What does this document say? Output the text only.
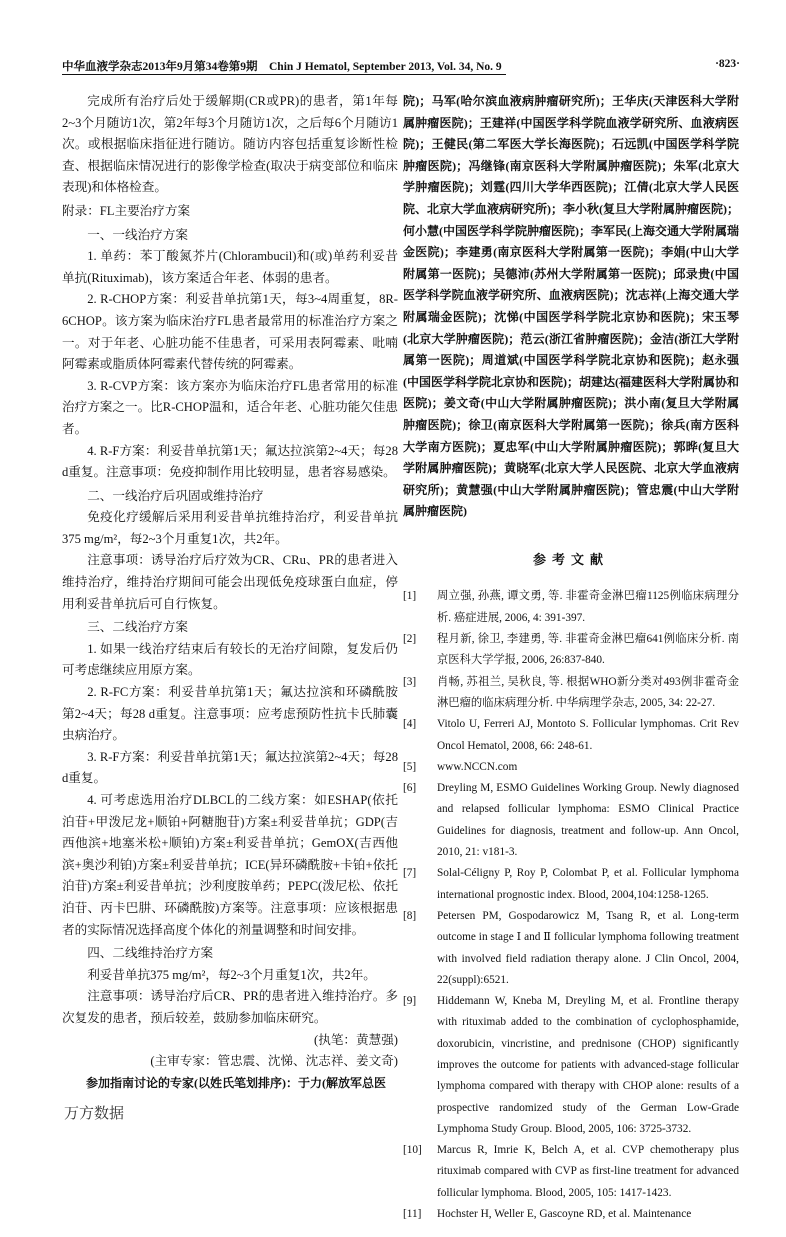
中华血液学杂志2013年9月第34卷第9期　Chin J Hematol, September 2013, Vol. 34, No. 9	·823·

完成所有治疗后处于缓解期(CR或PR)的患者，第1年每2~3个月随访1次，第2年每3个月随访1次，之后每6个月随访1次。或根据临床指征进行随访。随访内容包括重复诊断性检查、根据临床情况进行的影像学检查(取决于病变部位和临床表现)和体格检查。

附录：FL主要治疗方案

一、一线治疗方案

1. 单药：苯丁酸氮芥片(Chlorambucil)和(或)单药利妥昔单抗(Rituximab)，该方案适合年老、体弱的患者。

2. R-CHOP方案：利妥昔单抗第1天，每3~4周重复，8R-6CHOP。该方案为临床治疗FL患者最常用的标准治疗方案之一。对于年老、心脏功能不佳患者，可采用表阿霉素、吡喃阿霉素或脂质体阿霉素代替传统的阿霉素。

3. R-CVP方案：该方案亦为临床治疗FL患者常用的标准治疗方案之一。比R-CHOP温和，适合年老、心脏功能欠佳患者。

4. R-F方案：利妥昔单抗第1天；氟达拉滨第2~4天；每28 d重复。注意事项：免疫抑制作用比较明显，患者容易感染。

二、一线治疗后巩固或维持治疗

免疫化疗缓解后采用利妥昔单抗维持治疗，利妥昔单抗375 mg/m²，每2~3个月重复1次，共2年。

注意事项：诱导治疗后疗效为CR、CRu、PR的患者进入维持治疗，维持治疗期间可能会出现低免疫球蛋白血症，停用利妥昔单抗后可自行恢复。

三、二线治疗方案

1. 如果一线治疗结束后有较长的无治疗间隙，复发后仍可考虑继续应用原方案。

2. R-FC方案：利妥昔单抗第1天；氟达拉滨和环磷酰胺第2~4天；每28 d重复。注意事项：应考虑预防性抗卡氏肺囊虫病治疗。

3. R-F方案：利妥昔单抗第1天；氟达拉滨第2~4天；每28 d重复。

4. 可考虑选用治疗DLBCL的二线方案：如ESHAP(依托泊苷+甲泼尼龙+顺铂+阿糖胞苷)方案±利妥昔单抗；GDP(吉西他滨+地塞米松+顺铂)方案±利妥昔单抗；GemOX(吉西他滨+奥沙利铂)方案±利妥昔单抗；ICE(异环磷酰胺+卡铂+依托泊苷)方案±利妥昔单抗；沙利度胺单药；PEPC(泼尼松、依托泊苷、丙卡巴肼、环磷酰胺)方案等。注意事项：应该根据患者的实际情况选择高度个体化的剂量调整和时间安排。

四、二线维持治疗方案

利妥昔单抗375 mg/m²，每2~3个月重复1次，共2年。

注意事项：诱导治疗后CR、PR的患者进入维持治疗。多次复发的患者，预后较差，鼓励参加临床研究。

(执笔：黄慧强)

(主审专家：管忠震、沈悌、沈志祥、姜文奇)

参加指南讨论的专家(以姓氏笔划排序)：于力(解放军总医

院)；马军(哈尔滨血液病肿瘤研究所)；王华庆(天津医科大学附属肿瘤医院)；王建祥(中国医学科学院血液学研究所、血液病医院)；王健民(第二军医大学长海医院)；石远凯(中国医学科学院肿瘤医院)；冯继锋(南京医科大学附属肿瘤医院)；朱军(北京大学肿瘤医院)；刘霆(四川大学华西医院)；江倩(北京大学人民医院、北京大学血液病研究所)；李小秋(复旦大学附属肿瘤医院)；何小慧(中国医学科学院肿瘤医院)；李军民(上海交通大学附属瑞金医院)；李建勇(南京医科大学附属第一医院)；李娟(中山大学附属第一医院)；吴德沛(苏州大学附属第一医院)；邱录贵(中国医学科学院血液学研究所、血液病医院)；沈志祥(上海交通大学附属瑞金医院)；沈悌(中国医学科学院北京协和医院)；宋玉琴(北京大学肿瘤医院)；范云(浙江省肿瘤医院)；金洁(浙江大学附属第一医院)；周道斌(中国医学科学院北京协和医院)；赵永强(中国医学科学院北京协和医院)；胡建达(福建医科大学附属协和医院)；姜文奇(中山大学附属肿瘤医院)；洪小南(复旦大学附属肿瘤医院)；徐卫(南京医科大学附属第一医院)；徐兵(南方医科大学南方医院)；夏忠军(中山大学附属肿瘤医院)；郭晔(复旦大学附属肿瘤医院)；黄晓军(北京大学人民医院、北京大学血液病研究所)；黄慧强(中山大学附属肿瘤医院)；管忠震(中山大学附属肿瘤医院)

参考文献
[1]	周立强, 孙燕, 谭文勇, 等. 非霍奇金淋巴瘤1125例临床病理分析. 癌症进展, 2006, 4: 391-397.
[2]	程月新, 徐卫, 李建勇, 等. 非霍奇金淋巴瘤641例临床分析. 南京医科大学学报, 2006, 26:837-840.
[3]	肖畅, 苏祖兰, 吴秋良, 等. 根据WHO新分类对493例非霍奇金淋巴瘤的临床病理分析. 中华病理学杂志, 2005, 34: 22-27.
[4]	Vitolo U, Ferreri AJ, Montoto S. Follicular lymphomas. Crit Rev Oncol Hematol, 2008, 66: 248-61.
[5]	www.NCCN.com
[6]	Dreyling M, ESMO Guidelines Working Group. Newly diagnosed and relapsed follicular lymphoma: ESMO Clinical Practice Guidelines for diagnosis, treatment and follow-up. Ann Oncol, 2010, 21: v181-3.
[7]	Solal-Céligny P, Roy P, Colombat P, et al. Follicular lymphoma international prognostic index. Blood, 2004,104:1258-1265.
[8]	Petersen PM, Gospodarowicz M, Tsang R, et al. Long-term outcome in stage Ⅰ and Ⅱ follicular lymphoma following treatment with involved field radiation therapy alone. J Clin Oncol, 2004, 22(suppl):6521.
[9]	Hiddemann W, Kneba M, Dreyling M, et al. Frontline therapy with rituximab added to the combination of cyclophosphamide, doxorubicin, vincristine, and prednisone (CHOP) significantly improves the outcome for patients with advanced-stage follicular lymphoma compared with therapy with CHOP alone: results of a prospective randomized study of the German Low-Grade Lymphoma Study Group. Blood, 2005, 106: 3725-3732.
[10]	Marcus R, Imrie K, Belch A, et al. CVP chemotherapy plus rituximab compared with CVP as first-line treatment for advanced follicular lymphoma. Blood, 2005, 105: 1417-1423.
[11]	Hochster H, Weller E, Gascoyne RD, et al. Maintenance
万方数据
